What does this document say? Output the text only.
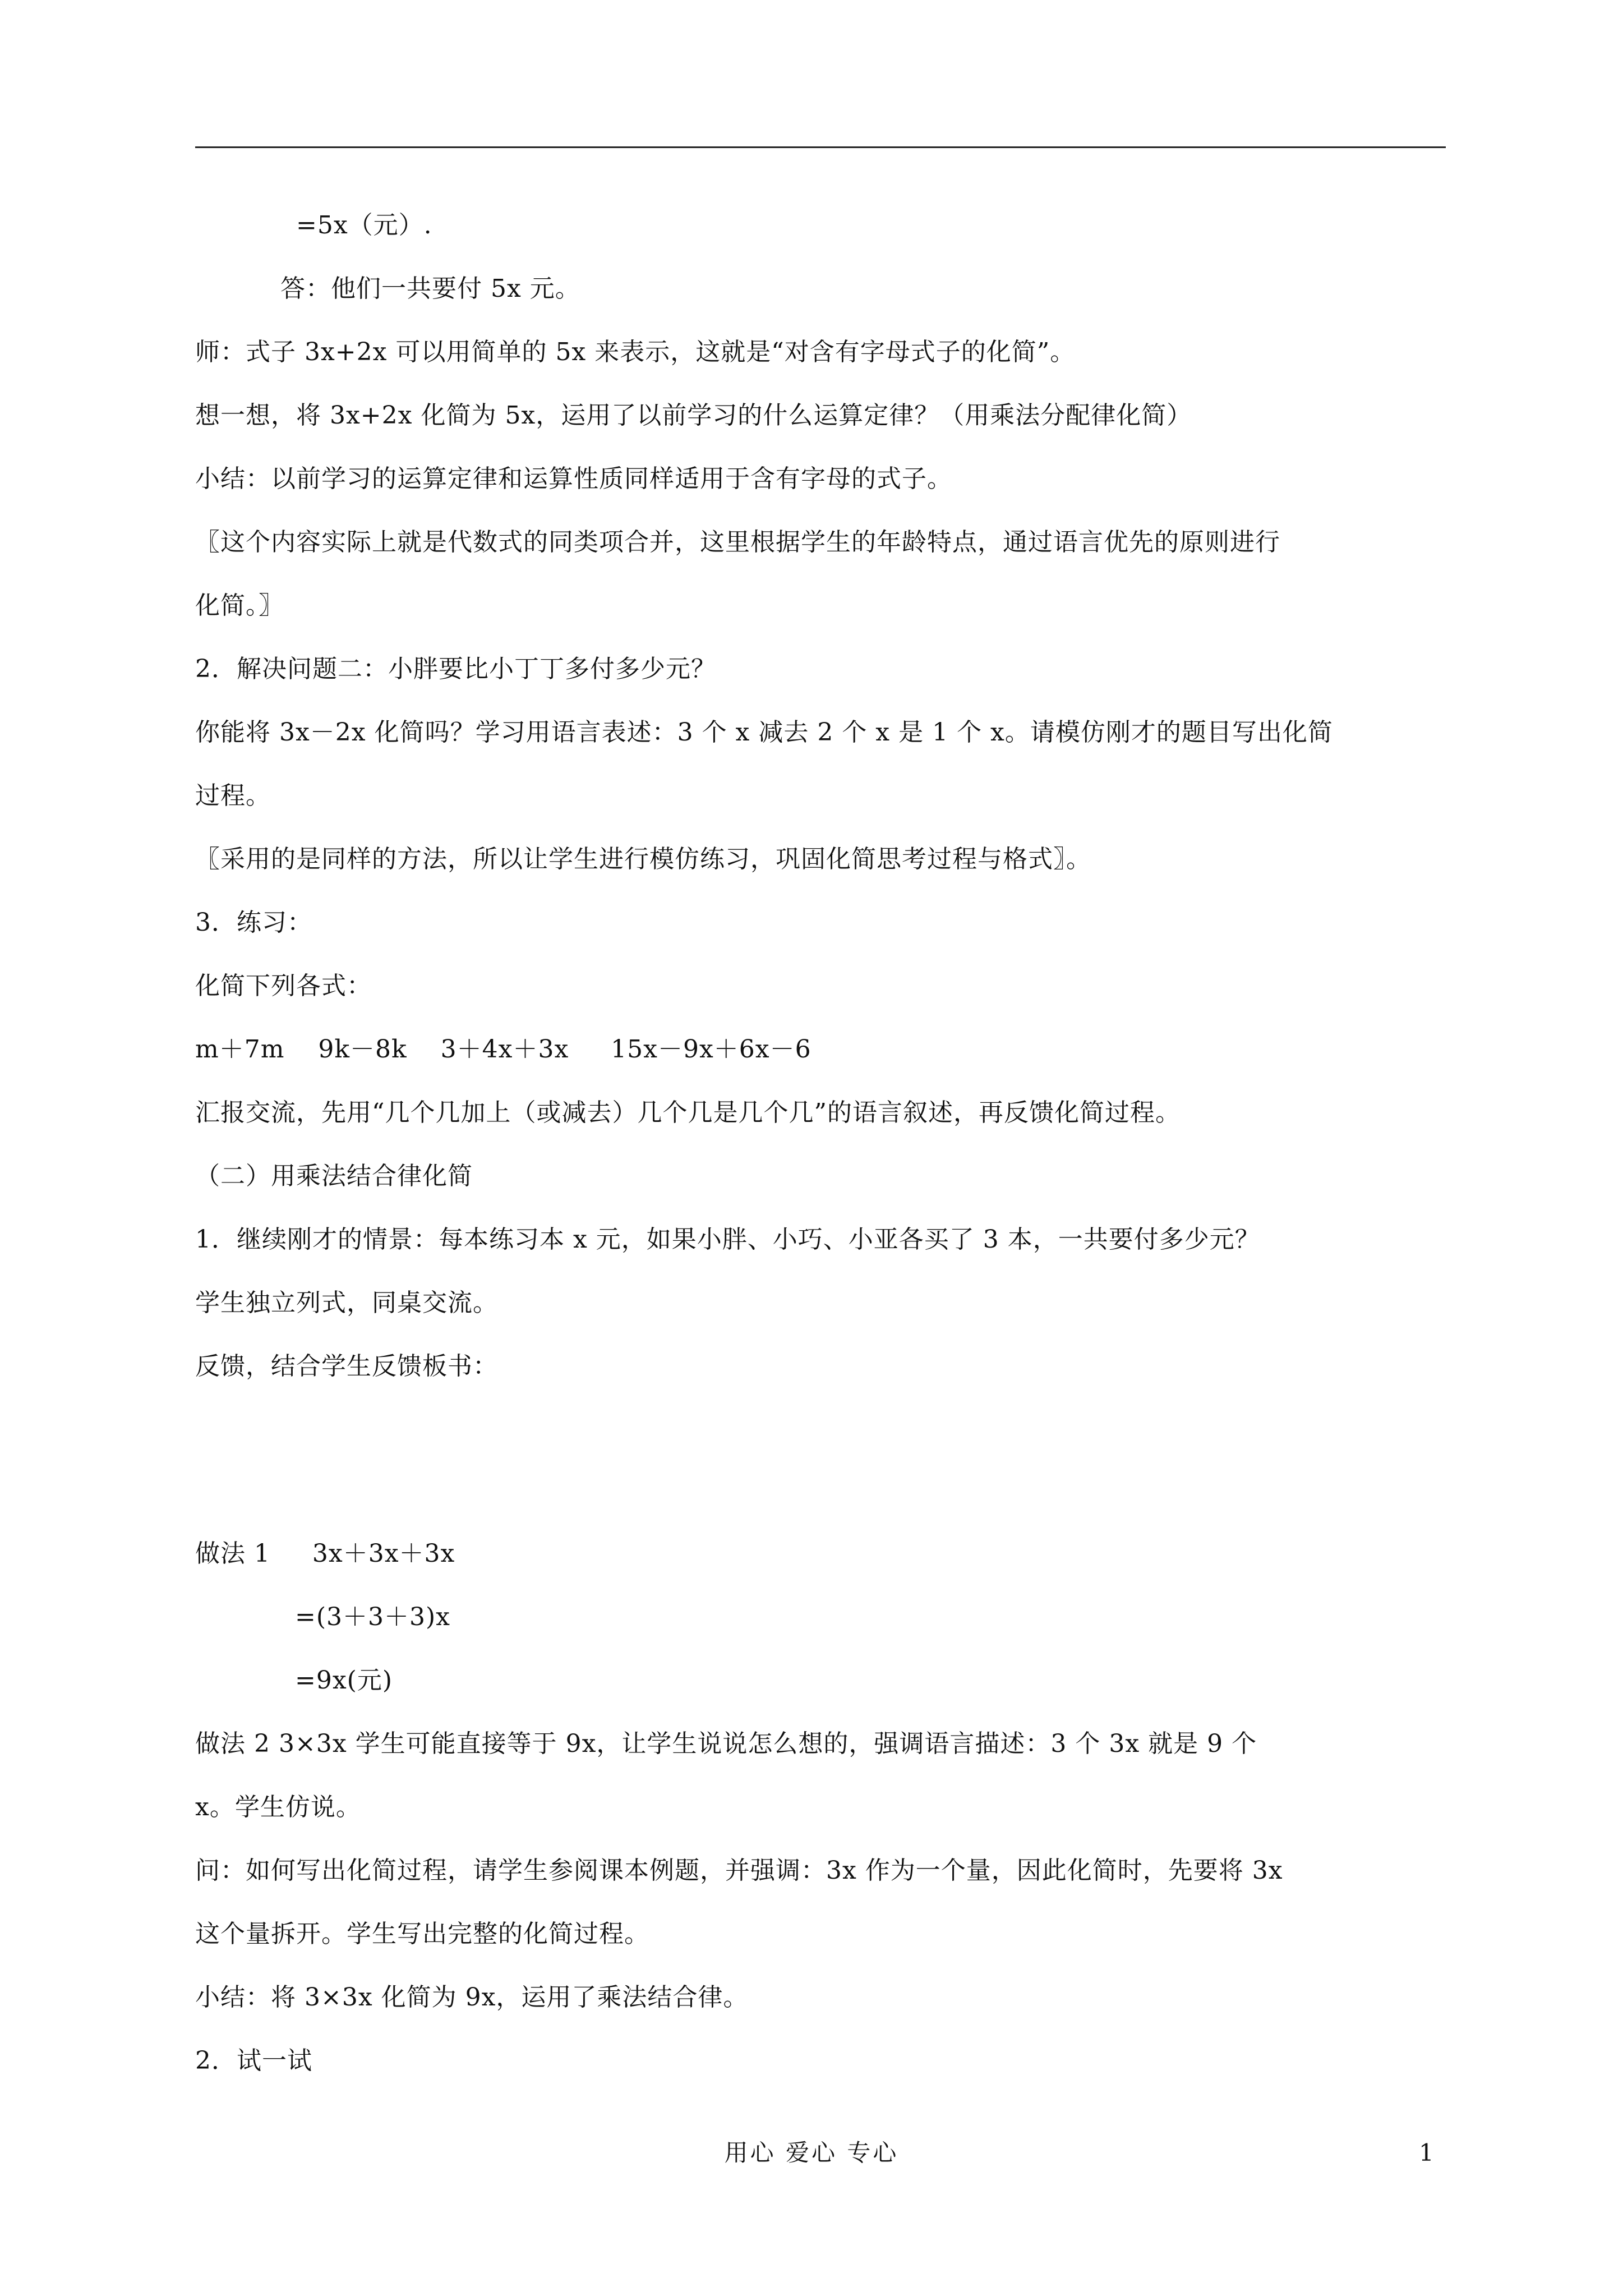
=5x（元）.
答：他们一共要付 5x 元。
师：式子 3x+2x 可以用简单的 5x 来表示，这就是“对含有字母式子的化简”。
想一想，将 3x+2x 化简为 5x，运用了以前学习的什么运算定律？（用乘法分配律化简）
小结：以前学习的运算定律和运算性质同样适用于含有字母的式子。
〖这个内容实际上就是代数式的同类项合并，这里根据学生的年龄特点，通过语言优先的原则进行
化简。〗
2．解决问题二：小胖要比小丁丁多付多少元？
你能将 3x－2x 化简吗？学习用语言表述：3 个 x 减去 2 个 x 是 1 个 x。请模仿刚才的题目写出化简
过程。
〖采用的是同样的方法，所以让学生进行模仿练习，巩固化简思考过程与格式〗。
3．练习：
化简下列各式：
m＋7m    9k－8k    3＋4x＋3x     15x－9x＋6x－6
汇报交流，先用“几个几加上（或减去）几个几是几个几”的语言叙述，再反馈化简过程。
（二）用乘法结合律化简
1．继续刚才的情景：每本练习本 x 元，如果小胖、小巧、小亚各买了 3 本，一共要付多少元？
学生独立列式，同桌交流。
反馈，结合学生反馈板书：
做法 1     3x＋3x＋3x
=(3＋3＋3)x
=9x(元)
做法 2 3×3x 学生可能直接等于 9x，让学生说说怎么想的，强调语言描述：3 个 3x 就是 9 个
x。学生仿说。
问：如何写出化简过程，请学生参阅课本例题，并强调：3x 作为一个量，因此化简时，先要将 3x
这个量拆开。学生写出完整的化简过程。
小结：将 3×3x 化简为 9x，运用了乘法结合律。
2．试一试
用心 爱心 专心	1
